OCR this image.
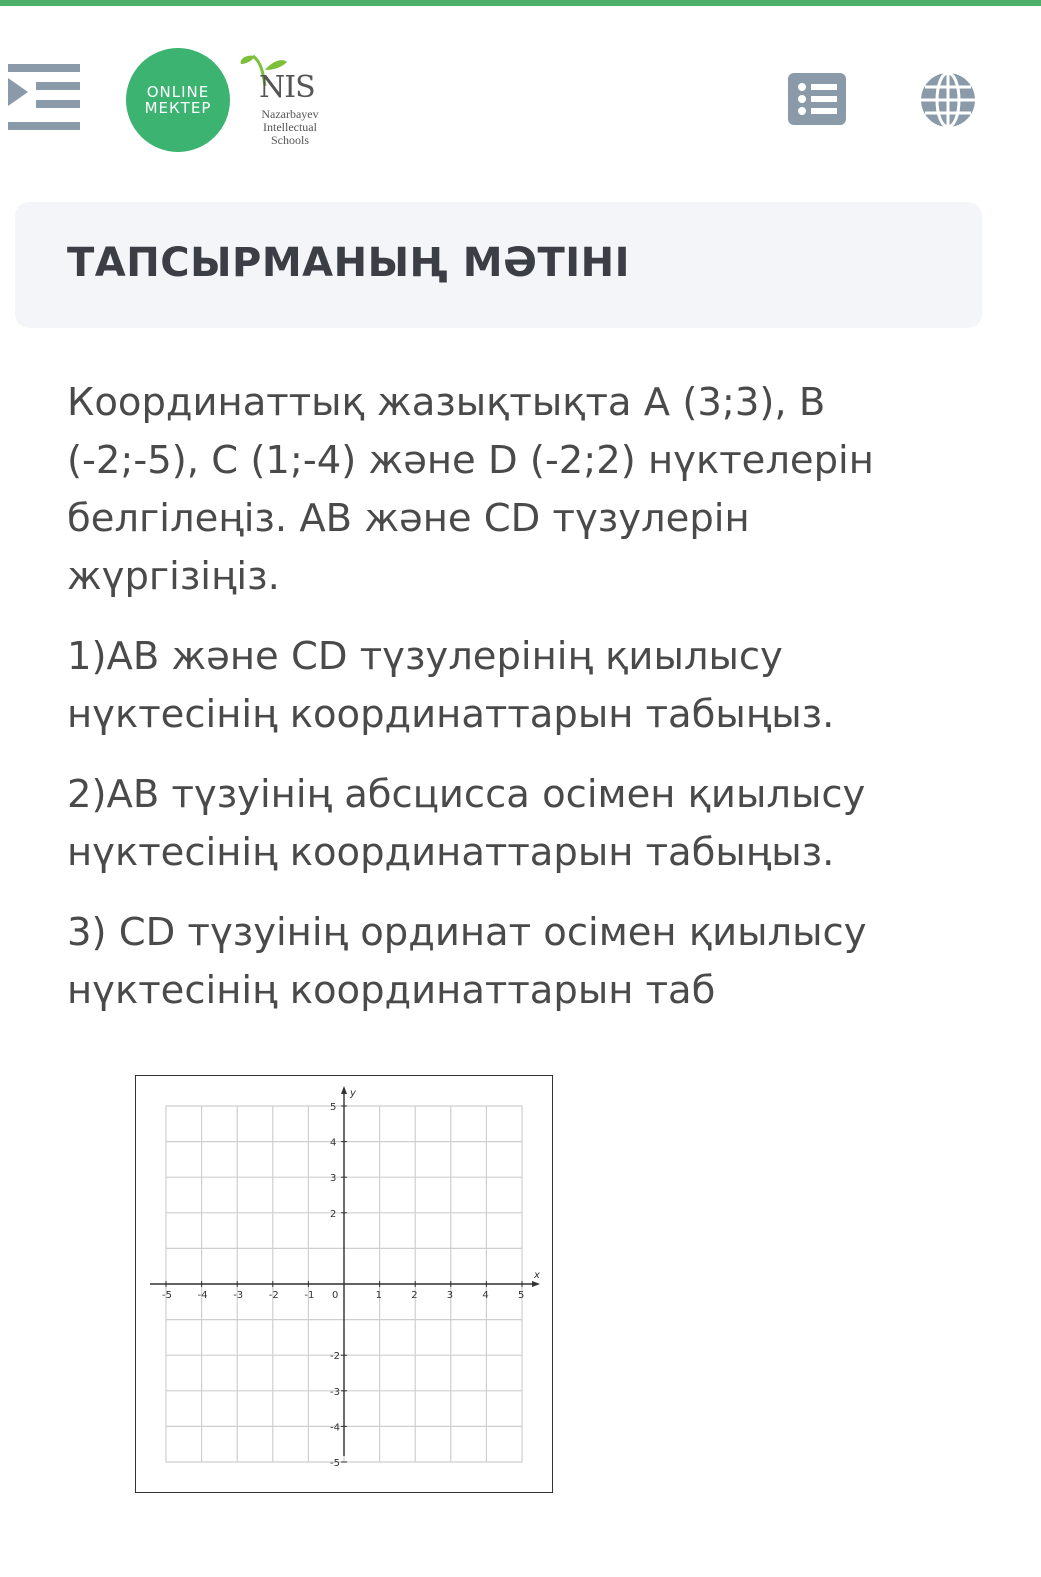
ONLINE
МЕКТЕР
NIS
Nazarbayev
Intellectual
Schools
ТАПСЫРМАНЫҢ МӘТІНІ

Координаттық жазықтықта A (3;3), B (-2;-5), C (1;-4) және D (-2;2) нүктелерін белгілеңіз. AB және CD түзулерін жүргізіңіз.

1)AB және CD түзулерінің қиылысу нүктесінің координаттарын табыңыз.

2)AB түзуінің абсцисса осімен қиылысу нүктесінің координаттарын табыңыз.

3) CD түзуінің ординат осімен қиылысу нүктесінің координаттарын таб

x
y
-5	-4	-3	-2	-1 0	1	2	3	4	5
5
4
3
2
-2
-3
-4
-5
